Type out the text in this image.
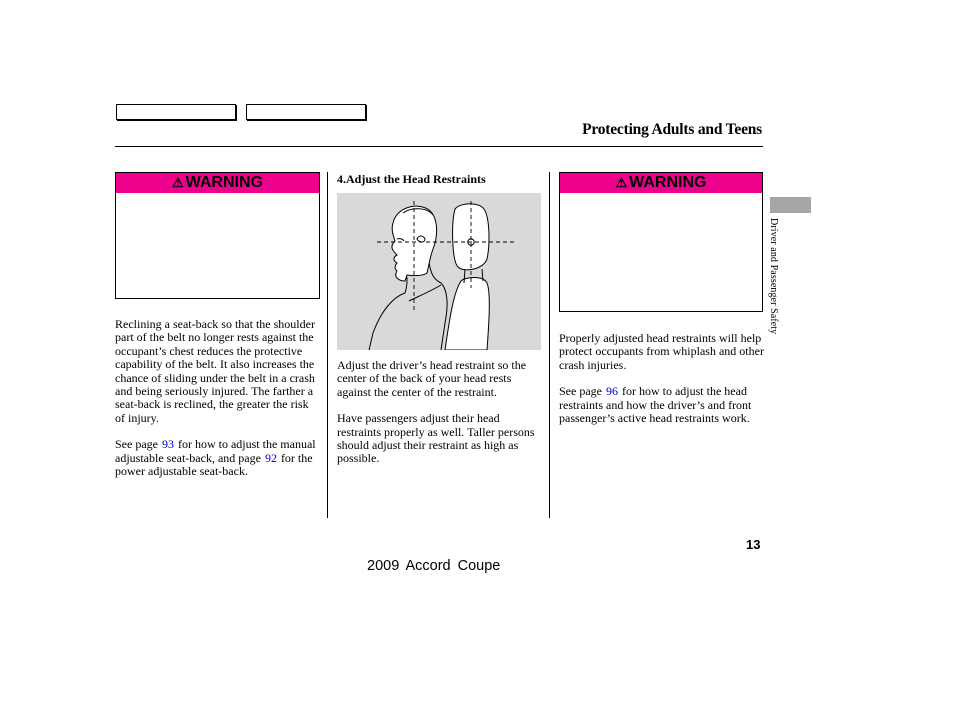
Protecting Adults and Teens
⚠ WARNING

Reclining a seat-back so that the shoulder part of the belt no longer rests against the occupant’s chest reduces the protective capability of the belt. It also increases the chance of sliding under the belt in a crash and being seriously injured. The farther a seat-back is reclined, the greater the risk of injury.

See page 93 for how to adjust the manual adjustable seat-back, and page 92 for the power adjustable seat-back.

4.Adjust the Head Restraints

Adjust the driver’s head restraint so the center of the back of your head rests against the center of the restraint.

Have passengers adjust their head restraints properly as well. Taller persons should adjust their restraint as high as possible.

⚠ WARNING

Properly adjusted head restraints will help protect occupants from whiplash and other crash injuries.

See page 96 for how to adjust the head restraints and how the driver’s and front passenger’s active head restraints work.

Driver and Passenger Safety
13
2009 Accord Coupe
